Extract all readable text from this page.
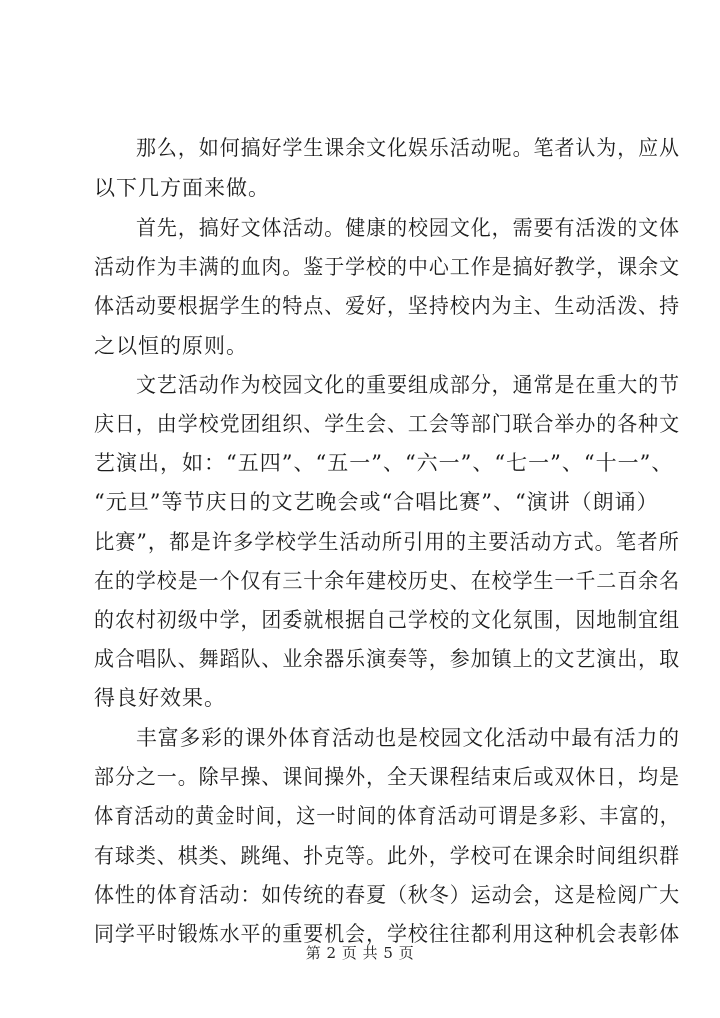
那么，如何搞好学生课余文化娱乐活动呢。笔者认为，应从

以下几方面来做。

首先，搞好文体活动。健康的校园文化，需要有活泼的文体

活动作为丰满的血肉。鉴于学校的中心工作是搞好教学，课余文

体活动要根据学生的特点、爱好，坚持校内为主、生动活泼、持

之以恒的原则。

文艺活动作为校园文化的重要组成部分，通常是在重大的节

庆日，由学校党团组织、学生会、工会等部门联合举办的各种文

艺演出，如：“五四”、“五一”、“六一”、“七一”、“十一”、

“元旦”等节庆日的文艺晚会或“合唱比赛”、“演讲（朗诵）

比赛”，都是许多学校学生活动所引用的主要活动方式。笔者所

在的学校是一个仅有三十余年建校历史、在校学生一千二百余名

的农村初级中学，团委就根据自己学校的文化氛围，因地制宜组

成合唱队、舞蹈队、业余器乐演奏等，参加镇上的文艺演出，取

得良好效果。

丰富多彩的课外体育活动也是校园文化活动中最有活力的

部分之一。除早操、课间操外，全天课程结束后或双休日，均是

体育活动的黄金时间，这一时间的体育活动可谓是多彩、丰富的，

有球类、棋类、跳绳、扑克等。此外，学校可在课余时间组织群

体性的体育活动：如传统的春夏（秋冬）运动会，这是检阅广大

同学平时锻炼水平的重要机会，学校往往都利用这种机会表彰体

第 2 页 共 5 页
